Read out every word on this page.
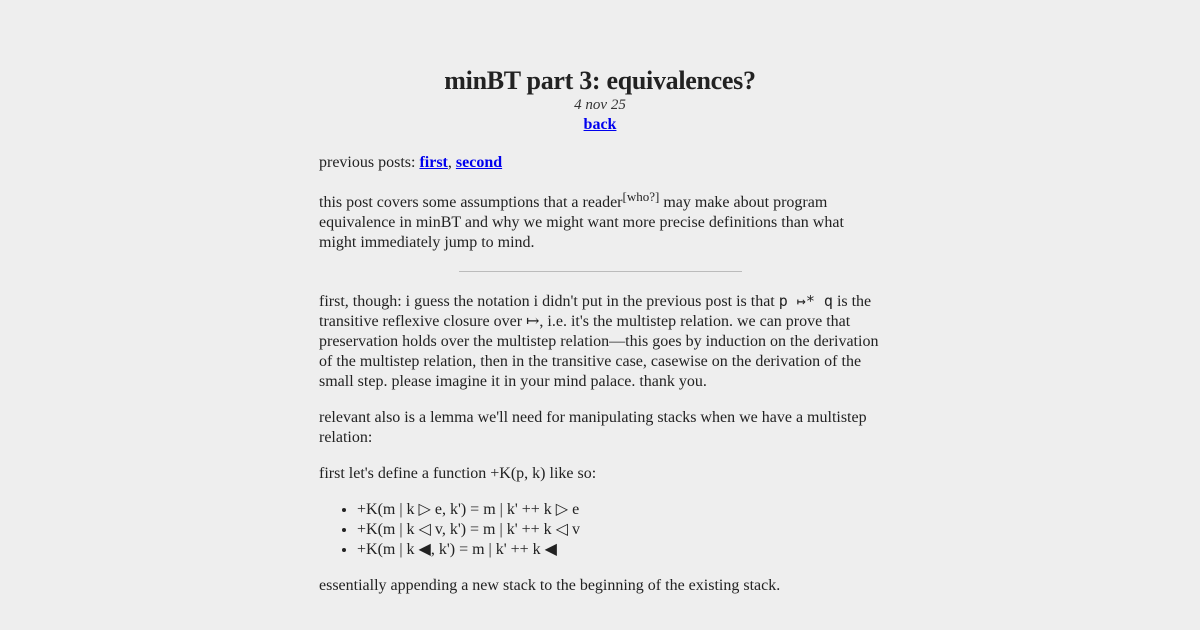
minBT part 3: equivalences?
4 nov 25
back

previous posts: first, second

this post covers some assumptions that a reader[who?] may make about program equivalence in minBT and why we might want more precise definitions than what might immediately jump to mind.

first, though: i guess the notation i didn't put in the previous post is that p ↦* q is the transitive reflexive closure over ↦, i.e. it's the multistep relation. we can prove that preservation holds over the multistep relation—this goes by induction on the derivation of the multistep relation, then in the transitive case, casewise on the derivation of the small step. please imagine it in your mind palace. thank you.

relevant also is a lemma we'll need for manipulating stacks when we have a multistep relation:

first let's define a function +K(p, k) like so:

• +K(m | k ▷ e, k') = m | k' ++ k ▷ e
• +K(m | k ◁ v, k') = m | k' ++ k ◁ v
• +K(m | k ◀, k') = m | k' ++ k ◀

essentially appending a new stack to the beginning of the existing stack.
